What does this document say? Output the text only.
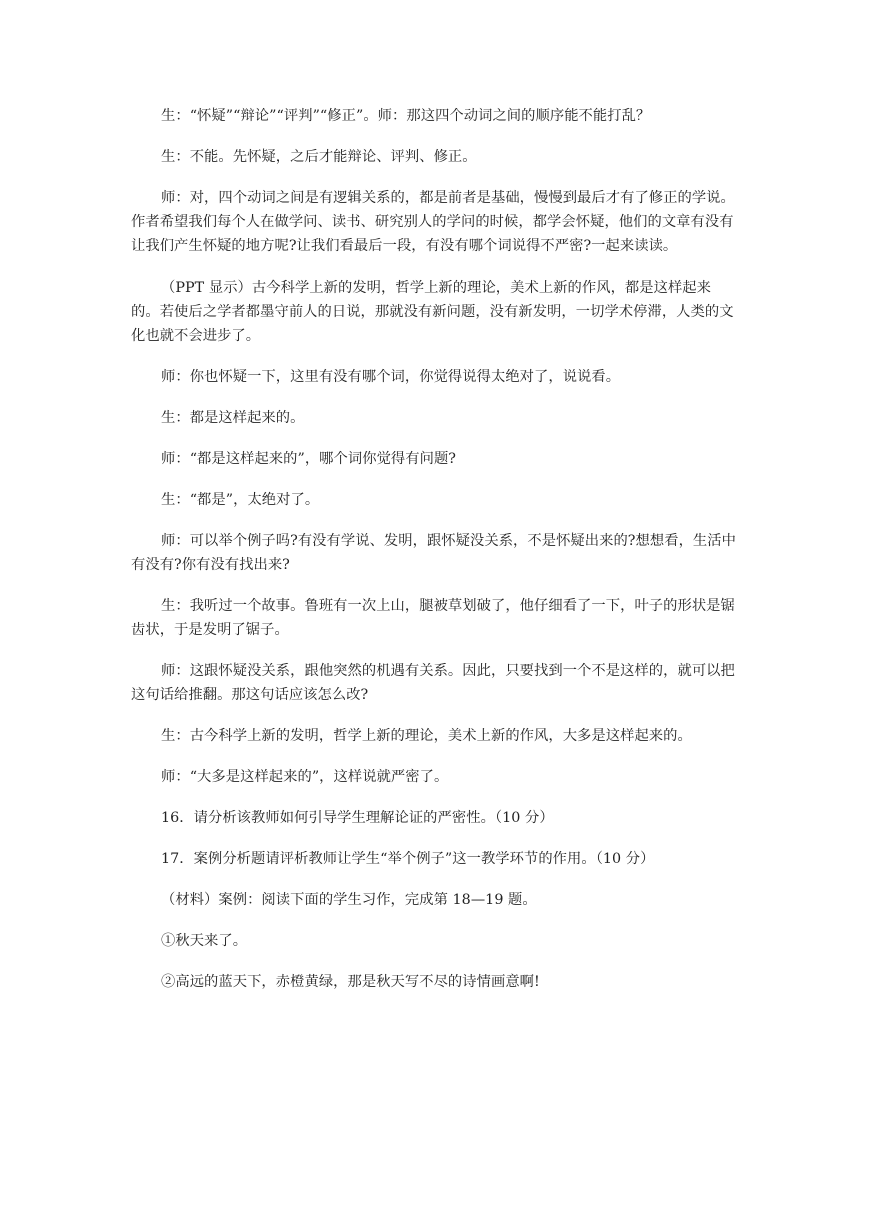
生：“怀疑”“辩论”“评判”“修正”。师：那这四个动词之间的顺序能不能打乱？

生：不能。先怀疑，之后才能辩论、评判、修正。

师：对，四个动词之间是有逻辑关系的，都是前者是基础，慢慢到最后才有了修正的学说。作者希望我们每个人在做学问、读书、研究别人的学问的时候，都学会怀疑，他们的文章有没有让我们产生怀疑的地方呢?让我们看最后一段，有没有哪个词说得不严密?一起来读读。

（PPT 显示）古今科学上新的发明，哲学上新的理论，美术上新的作风，都是这样起来的。若使后之学者都墨守前人的日说，那就没有新问题，没有新发明，一切学术停滞，人类的文化也就不会进步了。

师：你也怀疑一下，这里有没有哪个词，你觉得说得太绝对了，说说看。

生：都是这样起来的。

师：“都是这样起来的”，哪个词你觉得有问题?

生：“都是”，太绝对了。

师：可以举个例子吗?有没有学说、发明，跟怀疑没关系，不是怀疑出来的?想想看，生活中有没有?你有没有找出来?

生：我听过一个故事。鲁班有一次上山，腿被草划破了，他仔细看了一下，叶子的形状是锯齿状，于是发明了锯子。

师：这跟怀疑没关系，跟他突然的机遇有关系。因此，只要找到一个不是这样的，就可以把这句话给推翻。那这句话应该怎么改?

生：古今科学上新的发明，哲学上新的理论，美术上新的作风，大多是这样起来的。

师：“大多是这样起来的”，这样说就严密了。

16．请分析该教师如何引导学生理解论证的严密性。（10 分）

17．案例分析题请评析教师让学生“举个例子”这一教学环节的作用。（10 分）

（材料）案例：阅读下面的学生习作，完成第 18—19 题。

①秋天来了。

②高远的蓝天下，赤橙黄绿，那是秋天写不尽的诗情画意啊!
